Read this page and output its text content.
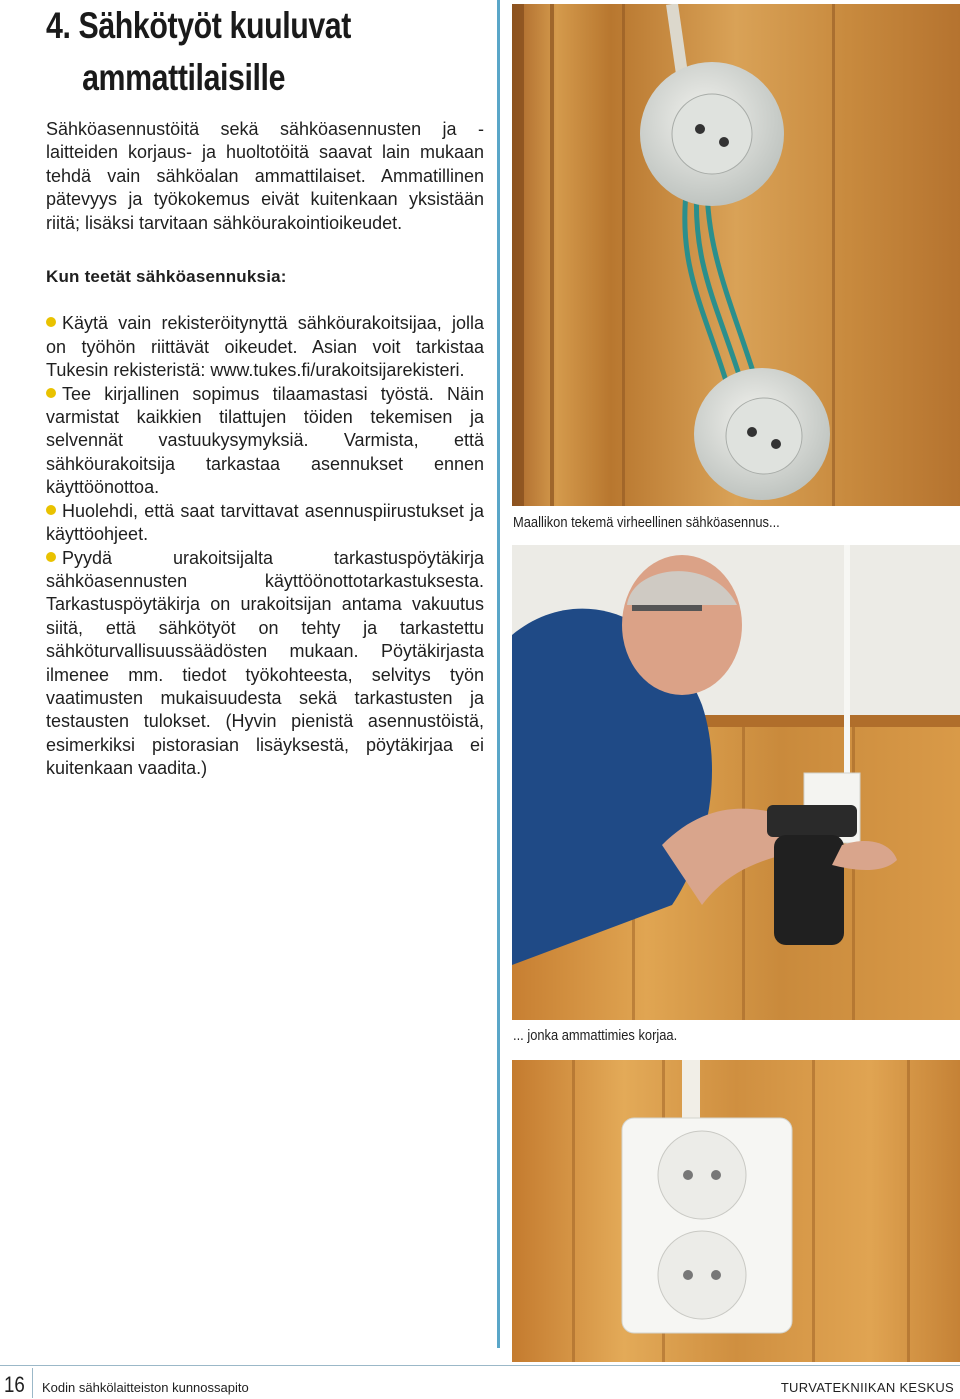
4. Sähkötyöt kuuluvat
ammattilaisille

Sähköasennustöitä sekä sähköasennusten ja -laitteiden korjaus- ja huoltotöitä saavat lain mukaan tehdä vain sähköalan ammattilaiset. Ammatillinen pätevyys ja työkokemus eivät kuitenkaan yksistään riitä; lisäksi tarvitaan sähköurakointioikeudet.

Kun teetät sähköasennuksia:
Käytä vain rekisteröitynyttä sähköurakoitsijaa, jolla on työhön riittävät oikeudet. Asian voit tarkistaa Tukesin rekisteristä: www.tukes.fi/urakoitsijarekisteri.
Tee kirjallinen sopimus tilaamastasi työstä. Näin varmistat kaikkien tilattujen töiden tekemisen ja selvennät vastuukysymyksiä. Varmista, että sähköurakoitsija tarkastaa asennukset ennen käyttöönottoa.
Huolehdi, että saat tarvittavat asennuspiirustukset ja käyttöohjeet.
Pyydä urakoitsijalta tarkastuspöytäkirja sähköasennusten käyttöönottotarkastuksesta. Tarkastuspöytäkirja on urakoitsijan antama vakuutus siitä, että sähkötyöt on tehty ja tarkastettu sähköturvallisuussäädösten mukaan. Pöytäkirjasta ilmenee mm. tiedot työkohteesta, selvitys työn vaatimusten mukaisuudesta sekä tarkastusten ja testausten tulokset. (Hyvin pienistä asennustöistä, esimerkiksi pistorasian lisäyksestä, pöytäkirjaa ei kuitenkaan vaadita.)
Maallikon tekemä virheellinen sähköasennus...
... jonka ammattimies korjaa.
16 Kodin sähkölaitteiston kunnossapito	TURVATEKNIIKAN KESKUS
